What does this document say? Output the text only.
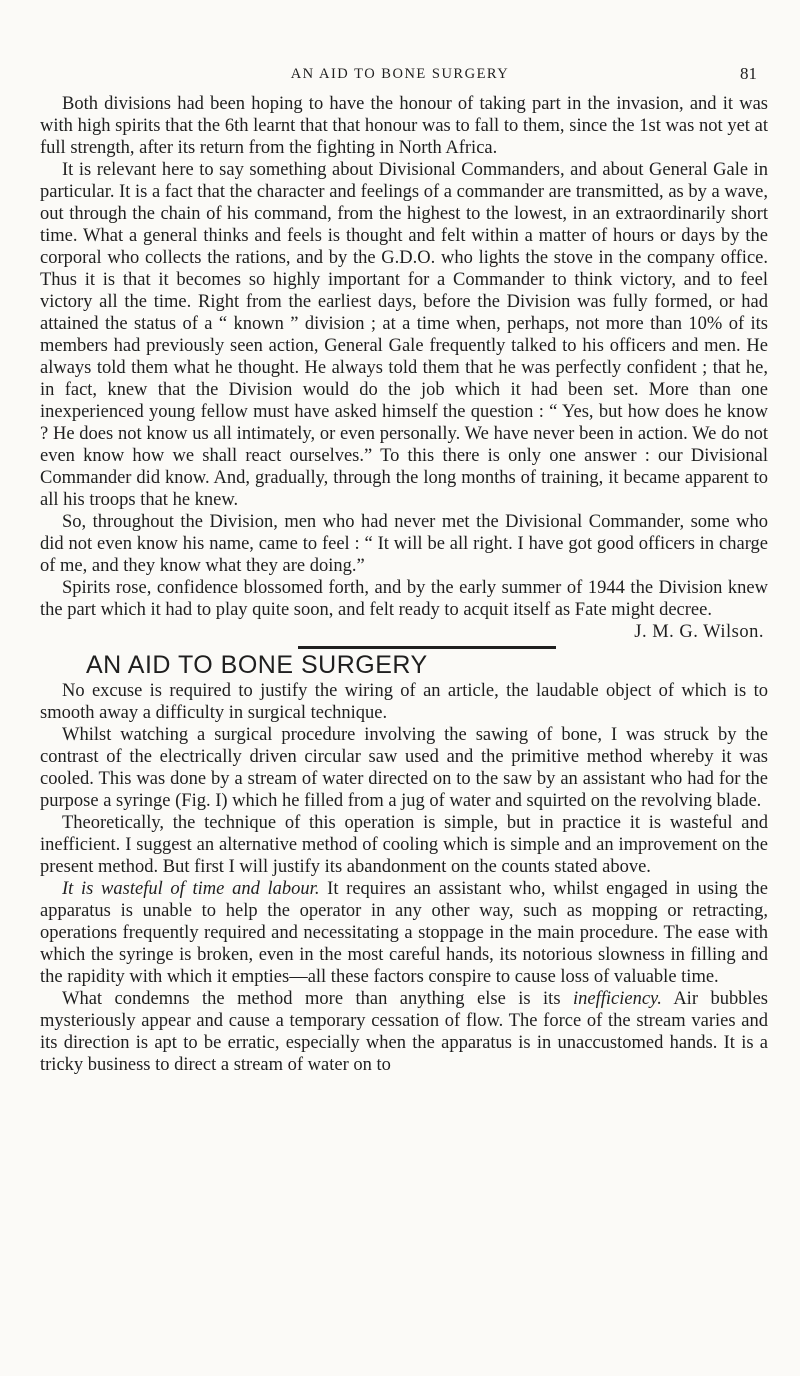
AN AID TO BONE SURGERY	81

Both divisions had been hoping to have the honour of taking part in the invasion, and it was with high spirits that the 6th learnt that that honour was to fall to them, since the 1st was not yet at full strength, after its return from the fighting in North Africa.

It is relevant here to say something about Divisional Commanders, and about General Gale in particular. It is a fact that the character and feelings of a commander are transmitted, as by a wave, out through the chain of his command, from the highest to the lowest, in an extraordinarily short time. What a general thinks and feels is thought and felt within a matter of hours or days by the corporal who collects the rations, and by the G.D.O. who lights the stove in the company office. Thus it is that it becomes so highly important for a Commander to think victory, and to feel victory all the time. Right from the earliest days, before the Division was fully formed, or had attained the status of a “ known ” division ; at a time when, perhaps, not more than 10% of its members had previously seen action, General Gale frequently talked to his officers and men. He always told them what he thought. He always told them that he was perfectly confident ; that he, in fact, knew that the Division would do the job which it had been set. More than one inexperienced young fellow must have asked himself the question : “ Yes, but how does he know ? He does not know us all intimately, or even personally. We have never been in action. We do not even know how we shall react ourselves.” To this there is only one answer : our Divisional Commander did know. And, gradually, through the long months of training, it became apparent to all his troops that he knew.

So, throughout the Division, men who had never met the Divisional Commander, some who did not even know his name, came to feel : “ It will be all right. I have got good officers in charge of me, and they know what they are doing.”

Spirits rose, confidence blossomed forth, and by the early summer of 1944 the Division knew the part which it had to play quite soon, and felt ready to acquit itself as Fate might decree.

J. M. G. Wilson.

AN AID TO BONE SURGERY

No excuse is required to justify the wiring of an article, the laudable object of which is to smooth away a difficulty in surgical technique.

Whilst watching a surgical procedure involving the sawing of bone, I was struck by the contrast of the electrically driven circular saw used and the primitive method whereby it was cooled. This was done by a stream of water directed on to the saw by an assistant who had for the purpose a syringe (Fig. I) which he filled from a jug of water and squirted on the revolving blade.

Theoretically, the technique of this operation is simple, but in practice it is wasteful and inefficient. I suggest an alternative method of cooling which is simple and an improvement on the present method. But first I will justify its abandonment on the counts stated above.

It is wasteful of time and labour. It requires an assistant who, whilst engaged in using the apparatus is unable to help the operator in any other way, such as mopping or retracting, operations frequently required and necessitating a stoppage in the main procedure. The ease with which the syringe is broken, even in the most careful hands, its notorious slowness in filling and the rapidity with which it empties—all these factors conspire to cause loss of valuable time.

What condemns the method more than anything else is its inefficiency. Air bubbles mysteriously appear and cause a temporary cessation of flow. The force of the stream varies and its direction is apt to be erratic, especially when the apparatus is in unaccustomed hands. It is a tricky business to direct a stream of water on to
